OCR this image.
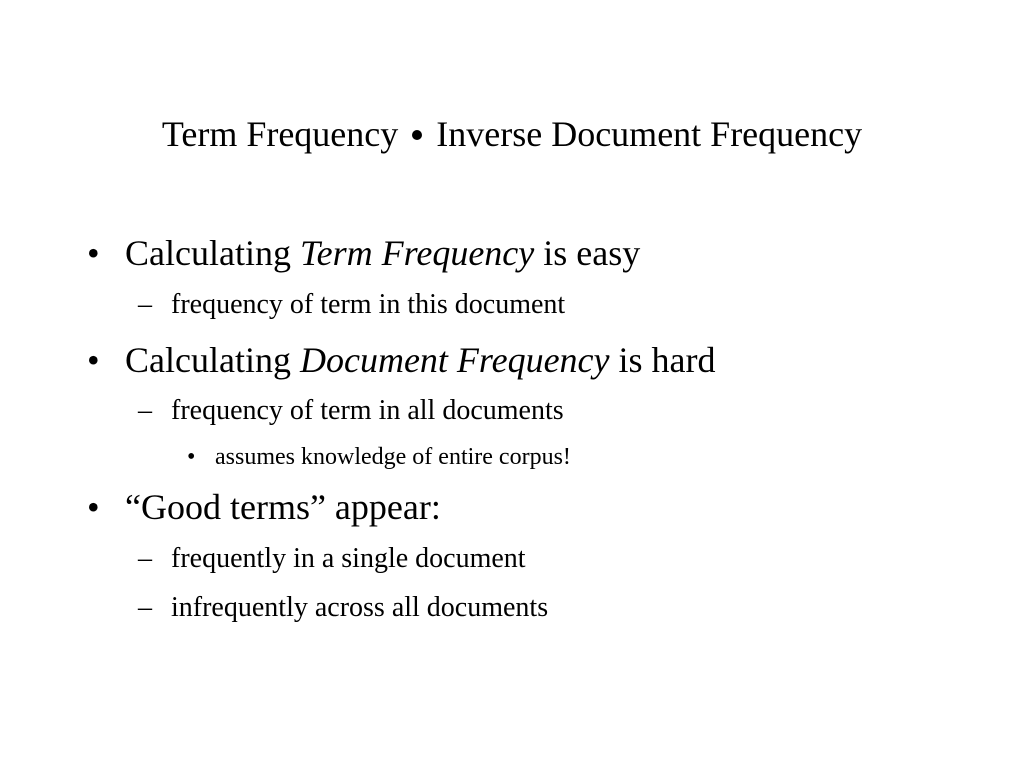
Term Frequency Inverse Document Frequency
• Calculating Term Frequency is easy
– frequency of term in this document
• Calculating Document Frequency is hard
– frequency of term in all documents
• assumes knowledge of entire corpus!
• “Good terms” appear:
– frequently in a single document
– infrequently across all documents
